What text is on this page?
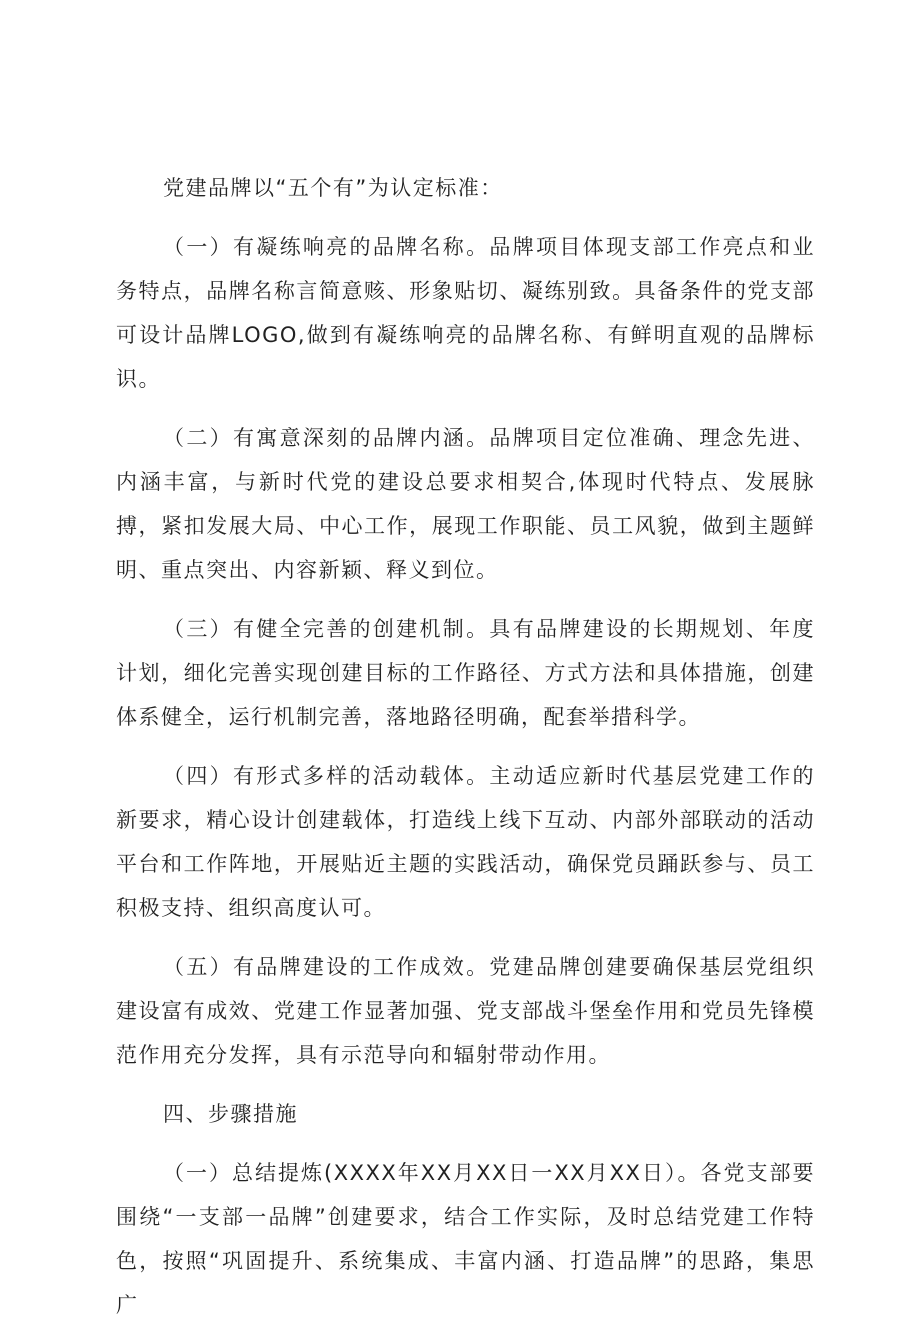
党建品牌以“五个有”为认定标准：

（一）有凝练响亮的品牌名称。品牌项目体现支部工作亮点和业务特点，品牌名称言简意赅、形象贴切、凝练别致。具备条件的党支部可设计品牌LOGO,做到有凝练响亮的品牌名称、有鲜明直观的品牌标识。

（二）有寓意深刻的品牌内涵。品牌项目定位准确、理念先进、内涵丰富，与新时代党的建设总要求相契合,体现时代特点、发展脉搏，紧扣发展大局、中心工作，展现工作职能、员工风貌，做到主题鲜明、重点突出、内容新颖、释义到位。

（三）有健全完善的创建机制。具有品牌建设的长期规划、年度计划，细化完善实现创建目标的工作路径、方式方法和具体措施，创建体系健全，运行机制完善，落地路径明确，配套举措科学。

（四）有形式多样的活动载体。主动适应新时代基层党建工作的新要求，精心设计创建载体，打造线上线下互动、内部外部联动的活动平台和工作阵地，开展贴近主题的实践活动，确保党员踊跃参与、员工积极支持、组织高度认可。

（五）有品牌建设的工作成效。党建品牌创建要确保基层党组织建设富有成效、党建工作显著加强、党支部战斗堡垒作用和党员先锋模范作用充分发挥，具有示范导向和辐射带动作用。

四、步骤措施

（一）总结提炼(XXXX年XX月XX日一XX月XX日）。各党支部要围绕“一支部一品牌”创建要求，结合工作实际，及时总结党建工作特色，按照“巩固提升、系统集成、丰富内涵、打造品牌”的思路，集思广
